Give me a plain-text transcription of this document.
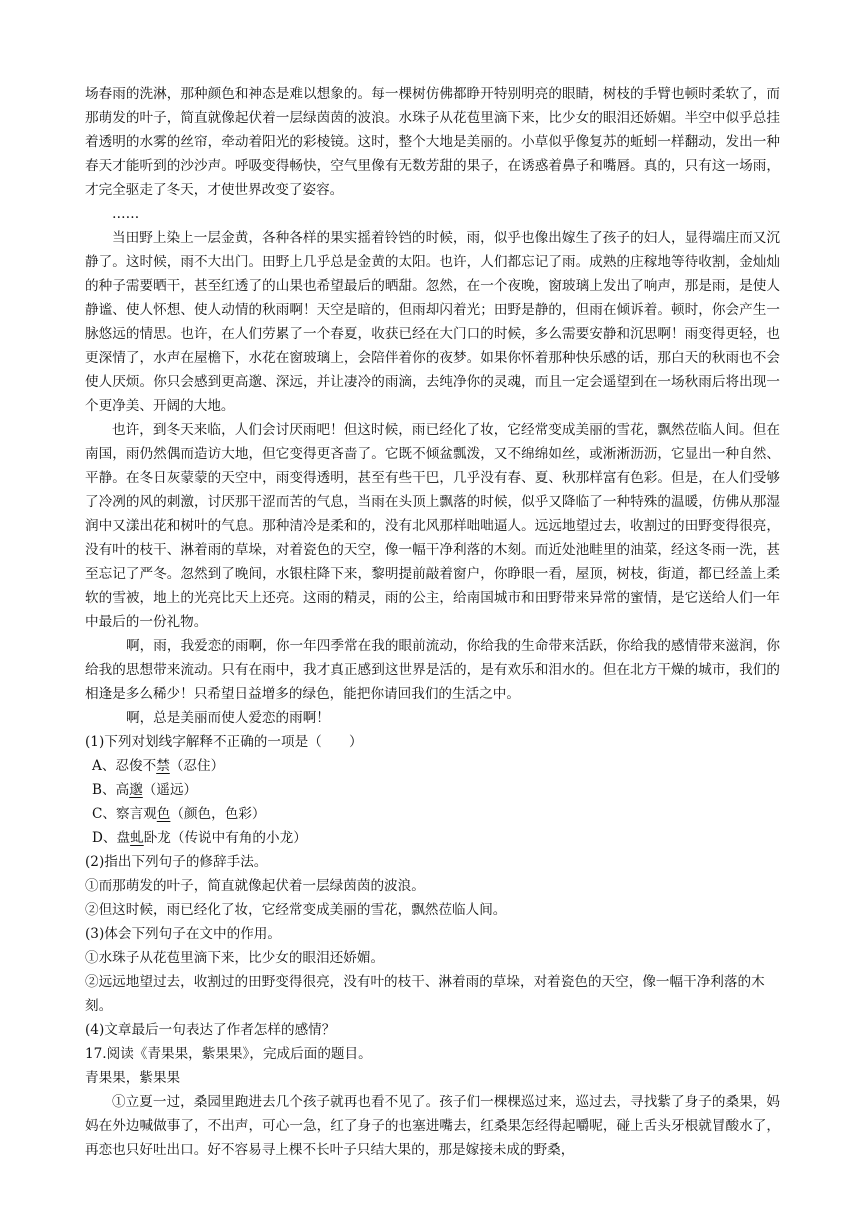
场春雨的洗淋，那种颜色和神态是难以想象的。每一棵树仿佛都睁开特别明亮的眼睛，树枝的手臂也顿时柔软了，而那萌发的叶子，简直就像起伏着一层绿茵茵的波浪。水珠子从花苞里滴下来，比少女的眼泪还娇媚。半空中似乎总挂着透明的水雾的丝帘，牵动着阳光的彩棱镜。这时，整个大地是美丽的。小草似乎像复苏的蚯蚓一样翻动，发出一种春天才能听到的沙沙声。呼吸变得畅快，空气里像有无数芳甜的果子，在诱惑着鼻子和嘴唇。真的，只有这一场雨，才完全驱走了冬天，才使世界改变了姿容。

……

当田野上染上一层金黄，各种各样的果实摇着铃铛的时候，雨，似乎也像出嫁生了孩子的妇人，显得端庄而又沉静了。这时候，雨不大出门。田野上几乎总是金黄的太阳。也许，人们都忘记了雨。成熟的庄稼地等待收割，金灿灿的种子需要晒干，甚至红透了的山果也希望最后的晒甜。忽然，在一个夜晚，窗玻璃上发出了响声，那是雨，是使人静谧、使人怀想、使人动情的秋雨啊！天空是暗的，但雨却闪着光；田野是静的，但雨在倾诉着。顿时，你会产生一脉悠远的情思。也许，在人们劳累了一个春夏，收获已经在大门口的时候，多么需要安静和沉思啊！雨变得更轻，也更深情了，水声在屋檐下，水花在窗玻璃上，会陪伴着你的夜梦。如果你怀着那种快乐感的话，那白天的秋雨也不会使人厌烦。你只会感到更高邈、深远，并让凄冷的雨滴，去纯净你的灵魂，而且一定会遥望到在一场秋雨后将出现一个更净美、开阔的大地。

也许，到冬天来临，人们会讨厌雨吧！但这时候，雨已经化了妆，它经常变成美丽的雪花，飘然莅临人间。但在南国，雨仍然偶而造访大地，但它变得更吝啬了。它既不倾盆瓢泼，又不绵绵如丝，或淅淅沥沥，它显出一种自然、平静。在冬日灰蒙蒙的天空中，雨变得透明，甚至有些干巴，几乎没有春、夏、秋那样富有色彩。但是，在人们受够了冷冽的风的刺激，讨厌那干涩而苦的气息，当雨在头顶上飘落的时候，似乎又降临了一种特殊的温暖，仿佛从那湿润中又漾出花和树叶的气息。那种清冷是柔和的，没有北风那样咄咄逼人。远远地望过去，收割过的田野变得很亮，没有叶的枝干、淋着雨的草垛，对着瓷色的天空，像一幅干净利落的木刻。而近处池畦里的油菜，经这冬雨一洗，甚至忘记了严冬。忽然到了晚间，水银柱降下来，黎明提前敲着窗户，你睁眼一看，屋顶，树枝，街道，都已经盖上柔软的雪被，地上的光亮比天上还亮。这雨的精灵，雨的公主，给南国城市和田野带来异常的蜜情，是它送给人们一年中最后的一份礼物。

啊，雨，我爱恋的雨啊，你一年四季常在我的眼前流动，你给我的生命带来活跃，你给我的感情带来滋润，你给我的思想带来流动。只有在雨中，我才真正感到这世界是活的，是有欢乐和泪水的。但在北方干燥的城市，我们的相逢是多么稀少！只希望日益增多的绿色，能把你请回我们的生活之中。

啊，总是美丽而使人爱恋的雨啊！

(1)下列对划线字解释不正确的一项是（　　）

A、忍俊不禁（忍住）

B、高邈（遥远）

C、察言观色（颜色，色彩）

D、盘虬卧龙（传说中有角的小龙）

(2)指出下列句子的修辞手法。

①而那萌发的叶子，简直就像起伏着一层绿茵茵的波浪。

②但这时候，雨已经化了妆，它经常变成美丽的雪花，飘然莅临人间。

(3)体会下列句子在文中的作用。

①水珠子从花苞里滴下来，比少女的眼泪还娇媚。

②远远地望过去，收割过的田野变得很亮，没有叶的枝干、淋着雨的草垛，对着瓷色的天空，像一幅干净利落的木刻。

(4)文章最后一句表达了作者怎样的感情？

17.阅读《青果果，紫果果》，完成后面的题目。

青果果，紫果果

①立夏一过，桑园里跑进去几个孩子就再也看不见了。孩子们一棵棵巡过来，巡过去，寻找紫了身子的桑果，妈妈在外边喊做事了，不出声，可心一急，红了身子的也塞进嘴去，红桑果怎经得起嚼呢，碰上舌头牙根就冒酸水了，再恋也只好吐出口。好不容易寻上棵不长叶子只结大果的，那是嫁接未成的野桑，
